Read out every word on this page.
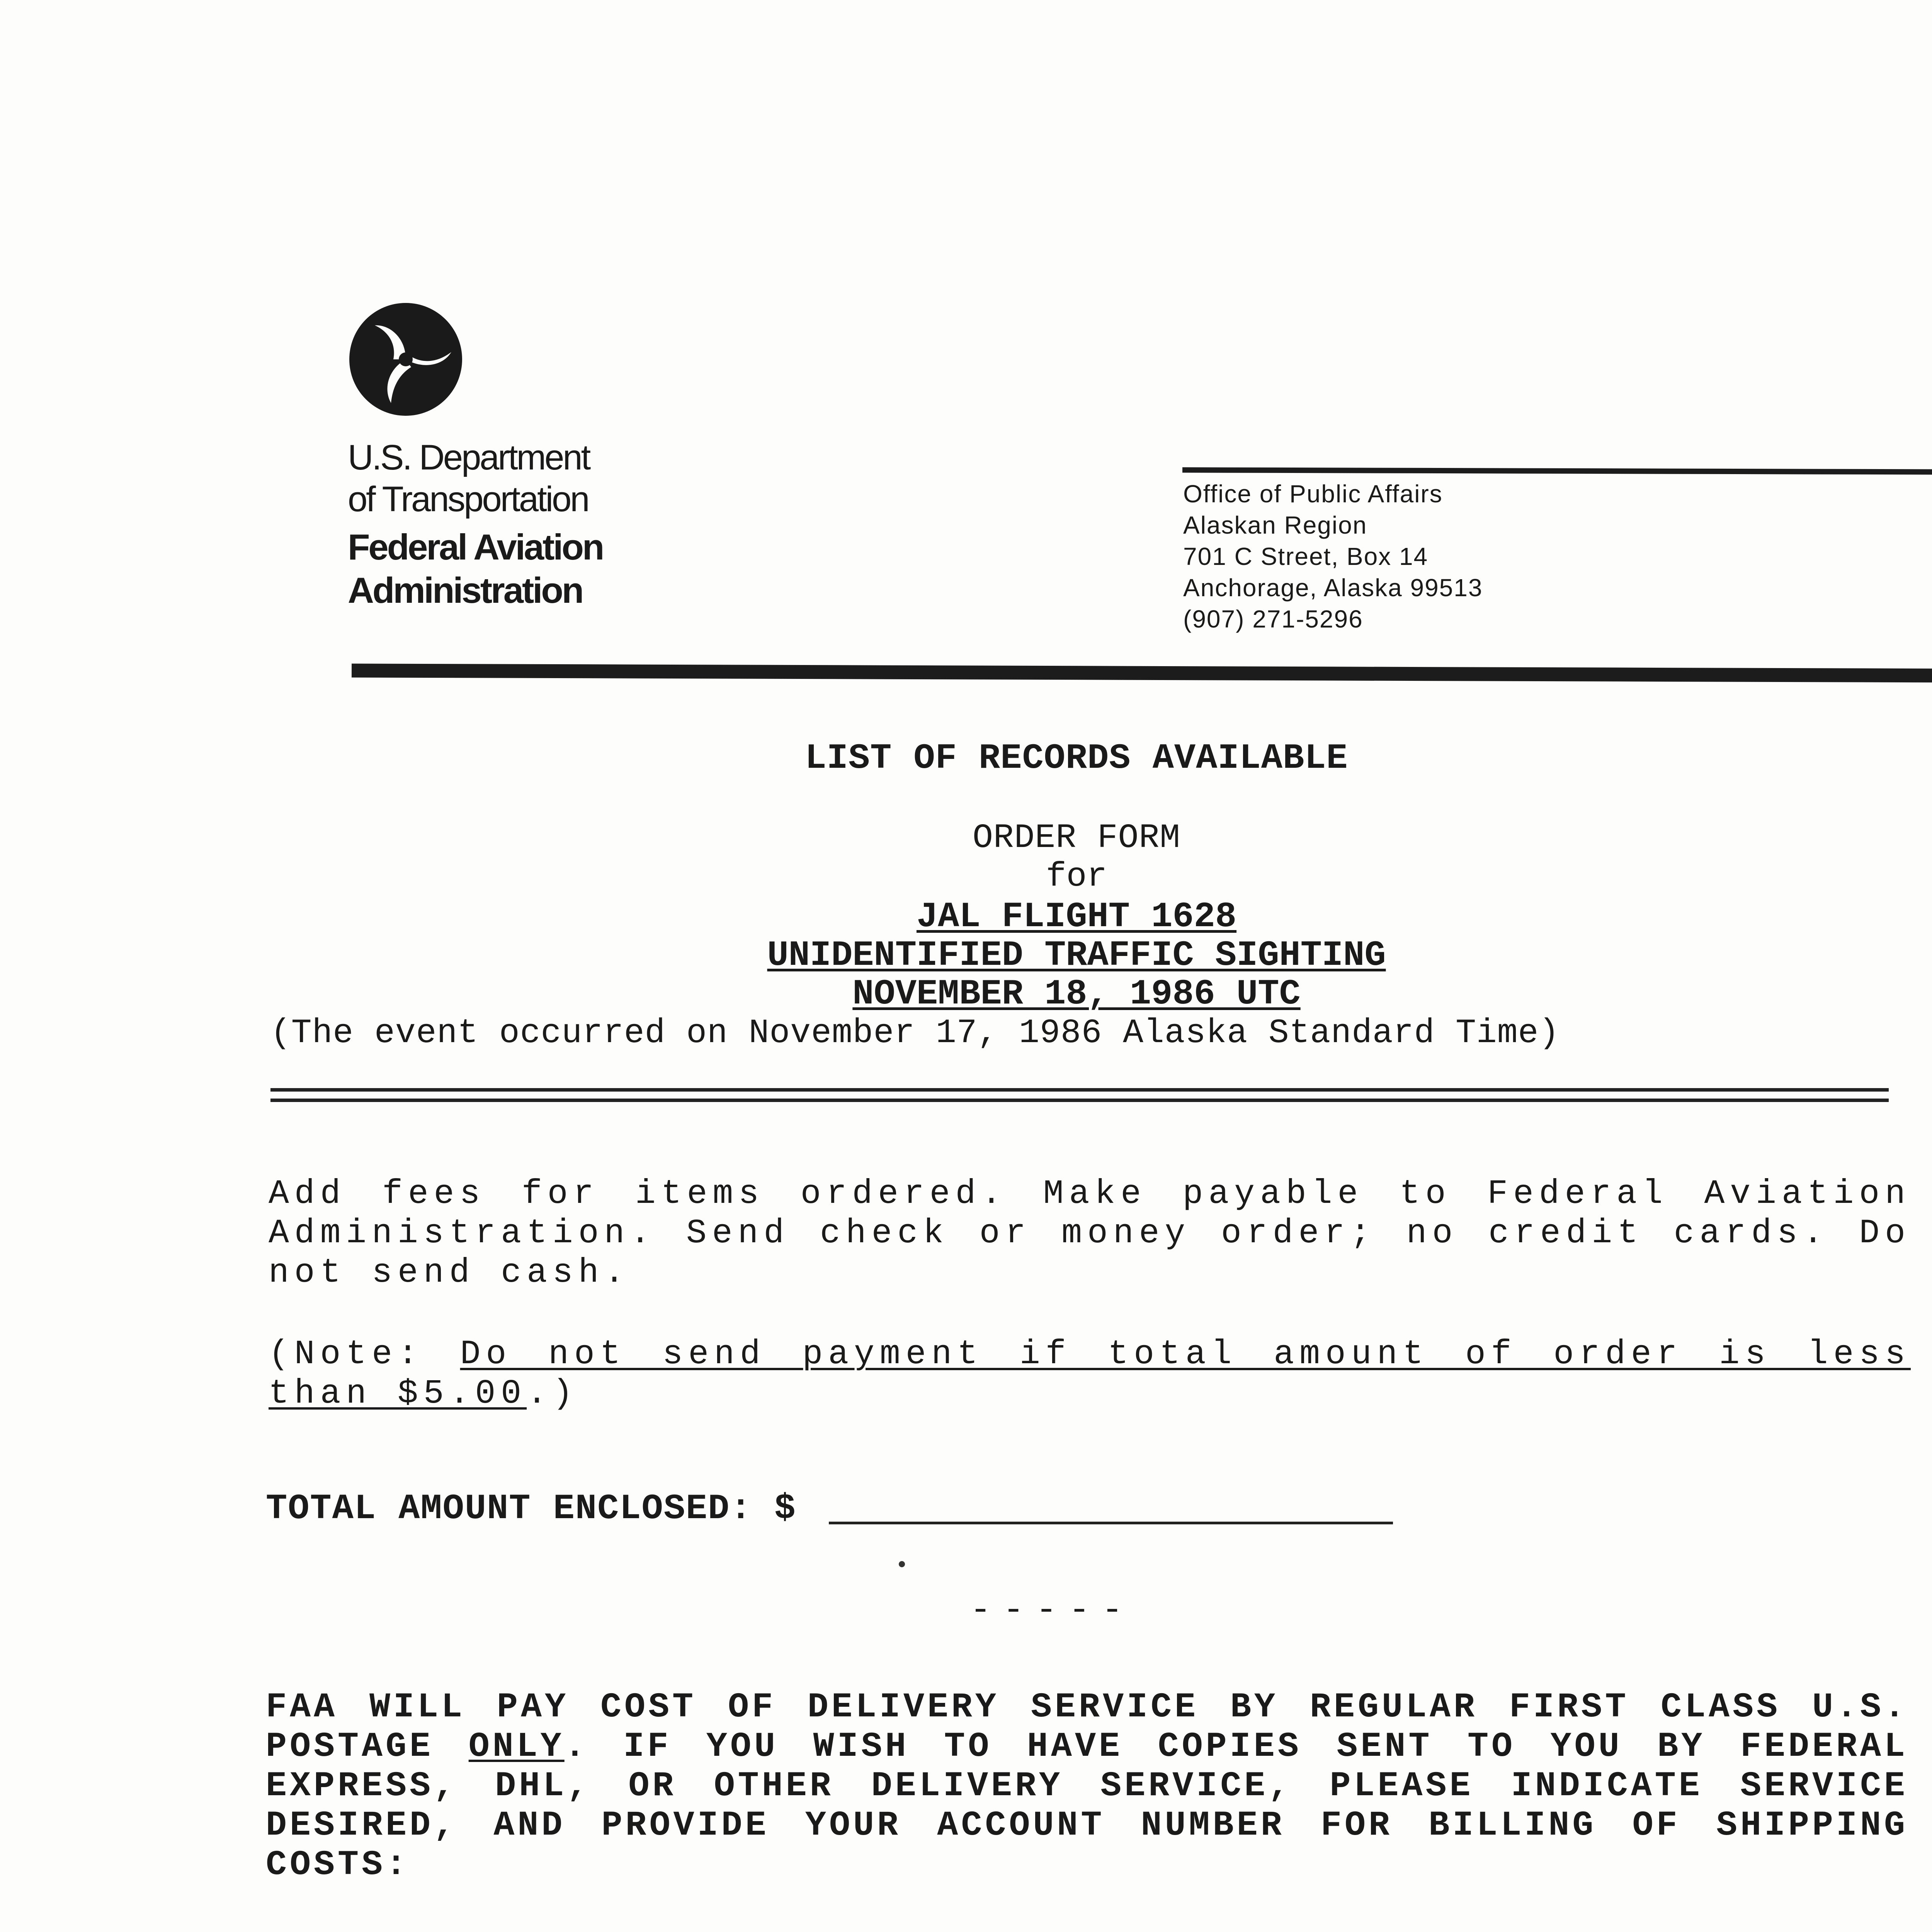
U.S. Department
of Transportation
Federal Aviation
Administration
Office of Public Affairs
Alaskan Region
701 C Street, Box 14
Anchorage, Alaska 99513
(907) 271-5296
LIST OF RECORDS AVAILABLE
ORDER FORM
for
JAL FLIGHT 1628
UNIDENTIFIED TRAFFIC SIGHTING
NOVEMBER 18, 1986 UTC
(The event occurred on November 17, 1986 Alaska Standard Time)
Add fees for items ordered. Make payable to Federal Aviation Administration. Send check or money order; no credit cards. Do not send cash.
(Note: Do not send payment if total amount of order is less than $5.00.)
TOTAL AMOUNT ENCLOSED: $
-----
FAA WILL PAY COST OF DELIVERY SERVICE BY REGULAR FIRST CLASS U.S. POSTAGE ONLY. IF YOU WISH TO HAVE COPIES SENT TO YOU BY FEDERAL EXPRESS, DHL, OR OTHER DELIVERY SERVICE, PLEASE INDICATE SERVICE DESIRED, AND PROVIDE YOUR ACCOUNT NUMBER FOR BILLING OF SHIPPING COSTS:
